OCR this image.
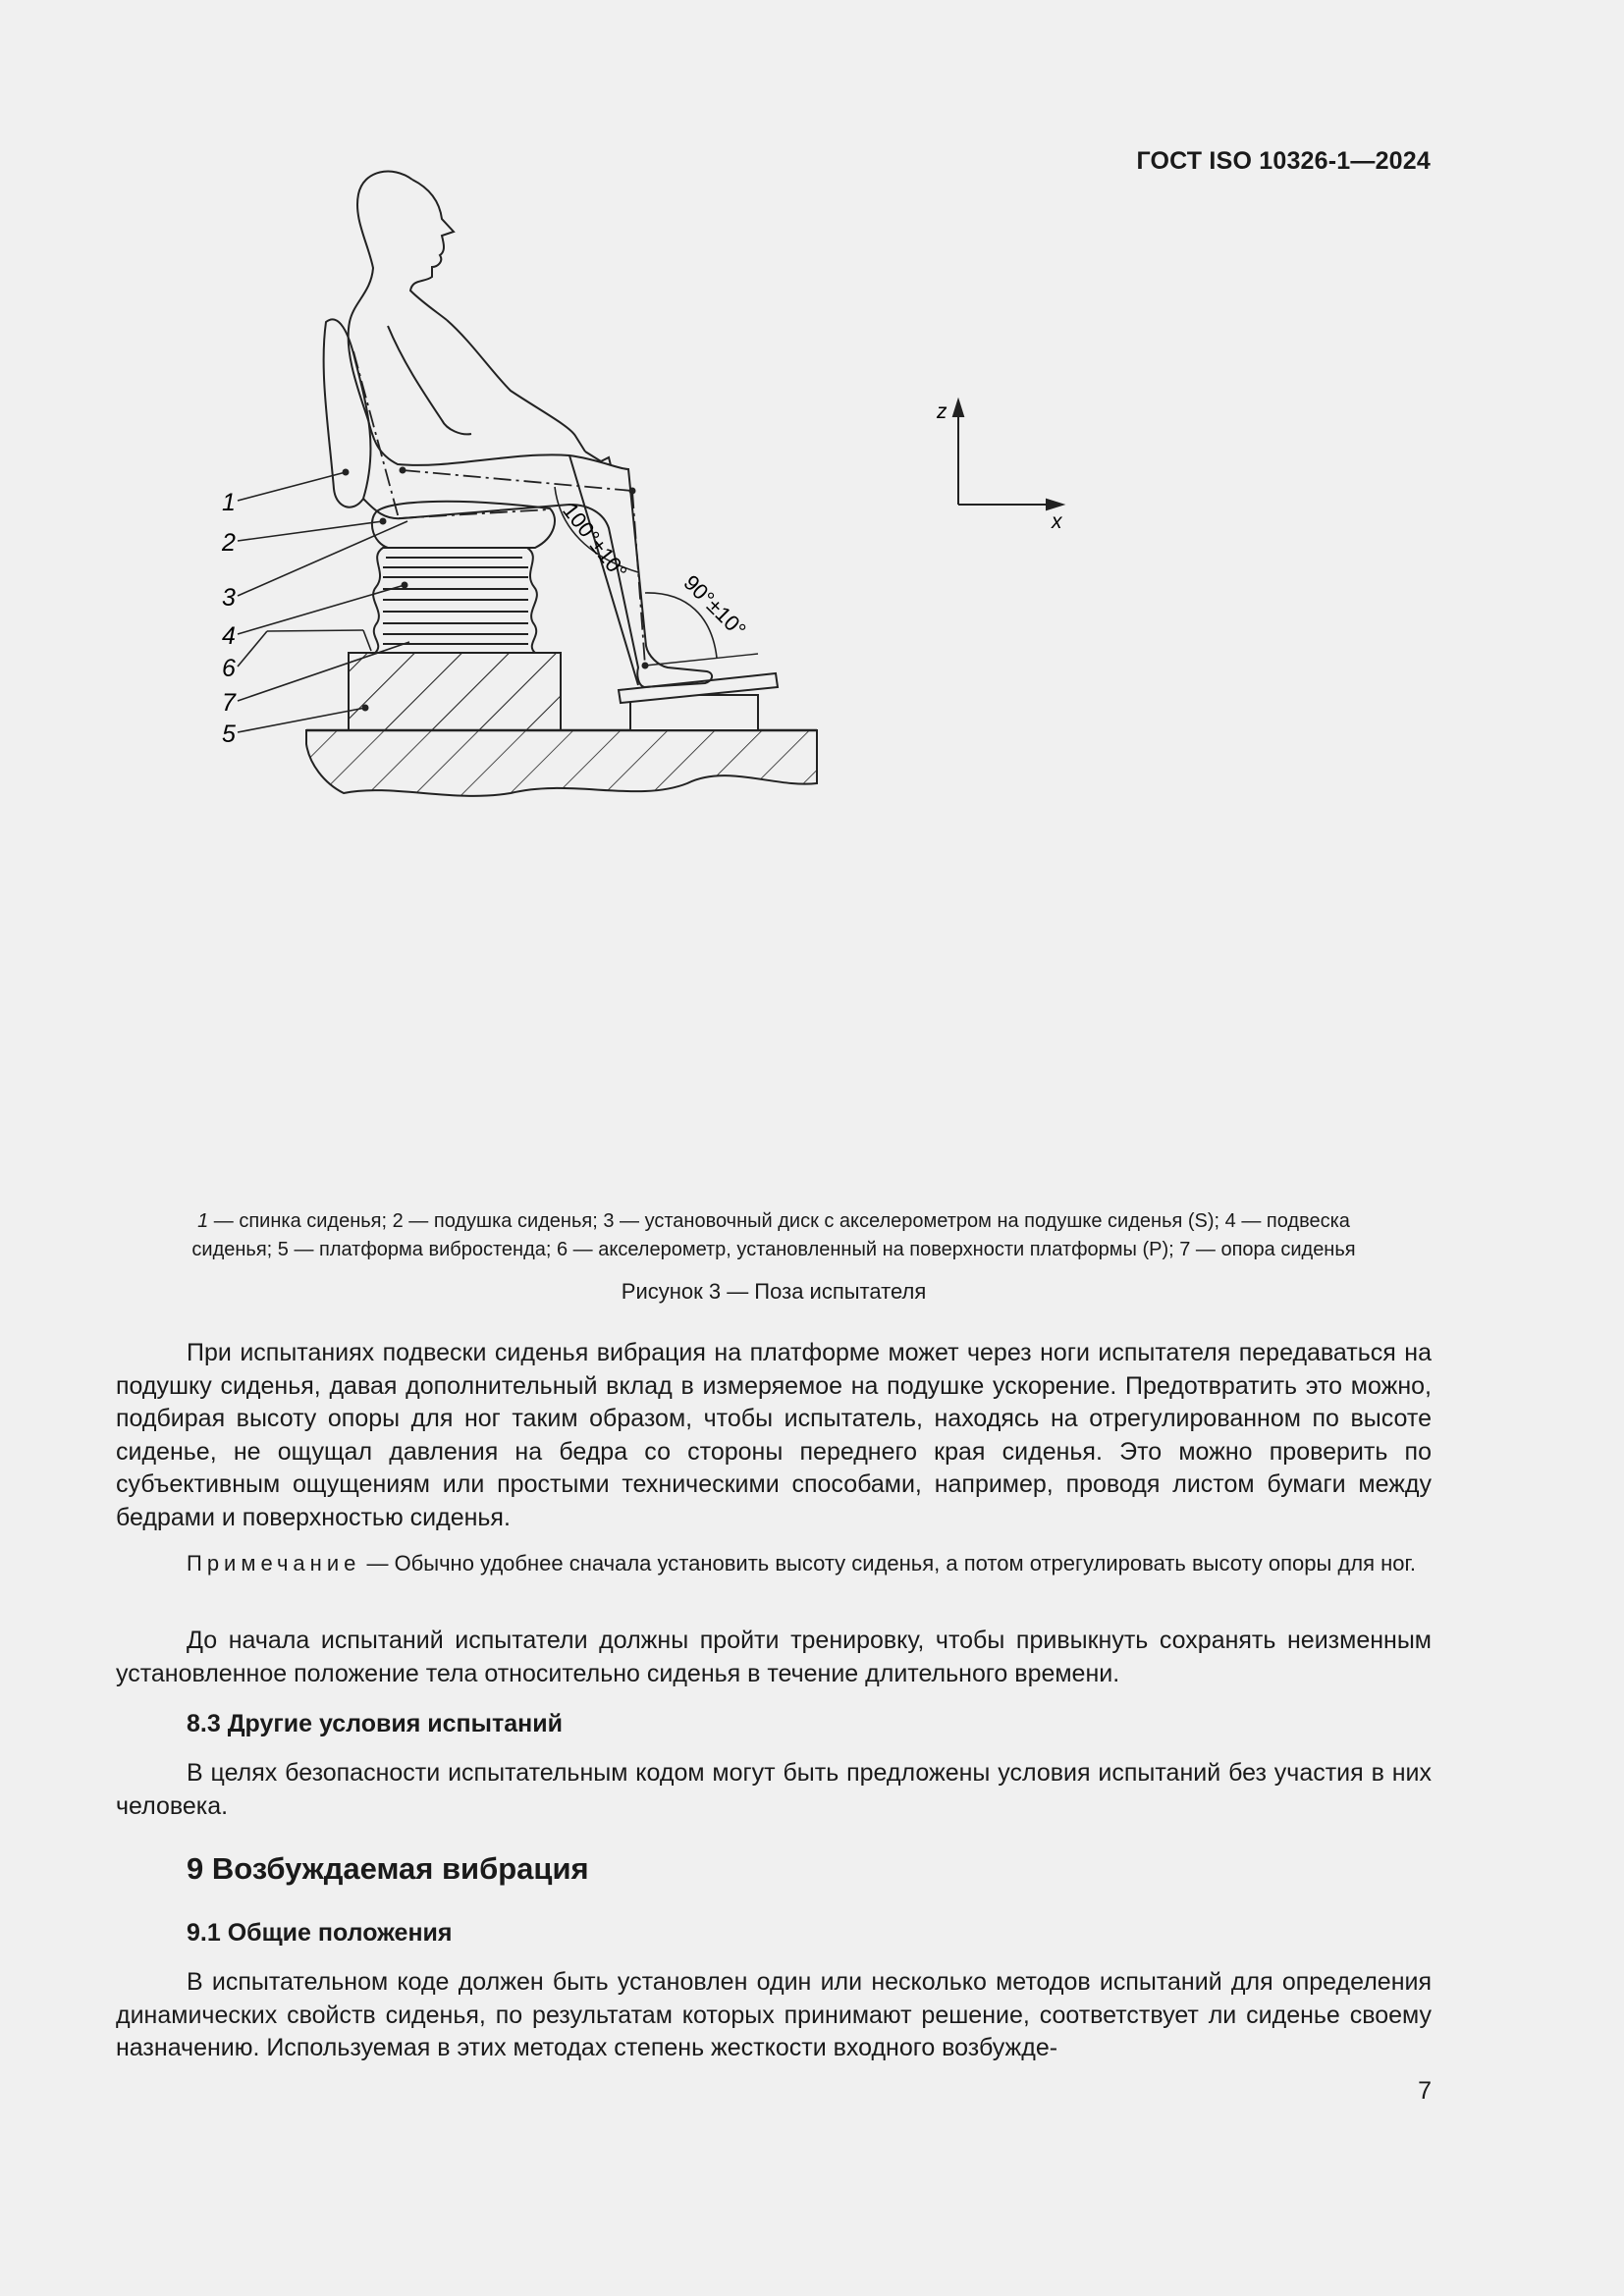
ГОСТ ISO 10326-1—2024
z
x
100°±10°
90°±10°
1
2
3
4
6
7
5
1 — спинка сиденья; 2 — подушка сиденья; 3 — установочный диск с акселерометром на подушке сиденья (S); 4 — подвеска
сиденья; 5 — платформа вибростенда; 6 — акселерометр, установленный на поверхности платформы (P); 7 — опора сиденья
Рисунок 3 — Поза испытателя

При испытаниях подвески сиденья вибрация на платформе может через ноги испытателя передаваться на подушку сиденья, давая дополнительный вклад в измеряемое на подушке ускорение. Предотвратить это можно, подбирая высоту опоры для ног таким образом, чтобы испытатель, находясь на отрегулированном по высоте сиденье, не ощущал давления на бедра со стороны переднего края сиденья. Это можно проверить по субъективным ощущениям или простыми техническими способами, например, проводя листом бумаги между бедрами и поверхностью сиденья.

Примечание — Обычно удобнее сначала установить высоту сиденья, а потом отрегулировать высоту опоры для ног.

До начала испытаний испытатели должны пройти тренировку, чтобы привыкнуть сохранять неизменным установленное положение тела относительно сиденья в течение длительного времени.

8.3 Другие условия испытаний

В целях безопасности испытательным кодом могут быть предложены условия испытаний без участия в них человека.

9 Возбуждаемая вибрация

9.1 Общие положения

В испытательном коде должен быть установлен один или несколько методов испытаний для определения динамических свойств сиденья, по результатам которых принимают решение, соответствует ли сиденье своему назначению. Используемая в этих методах степень жесткости входного возбужде-

7
